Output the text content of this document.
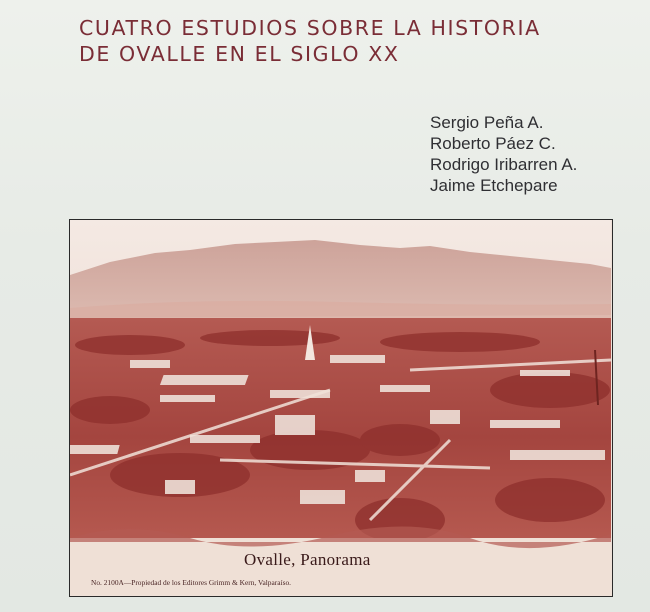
CUATRO ESTUDIOS SOBRE LA HISTORIA
DE OVALLE EN EL SIGLO XX
Sergio Peña A.
Roberto Páez C.
Rodrigo Iribarren A.
Jaime Etchepare
Ovalle, Panorama
No. 2100A—Propiedad de los Editores Grimm & Kern, Valparaíso.
